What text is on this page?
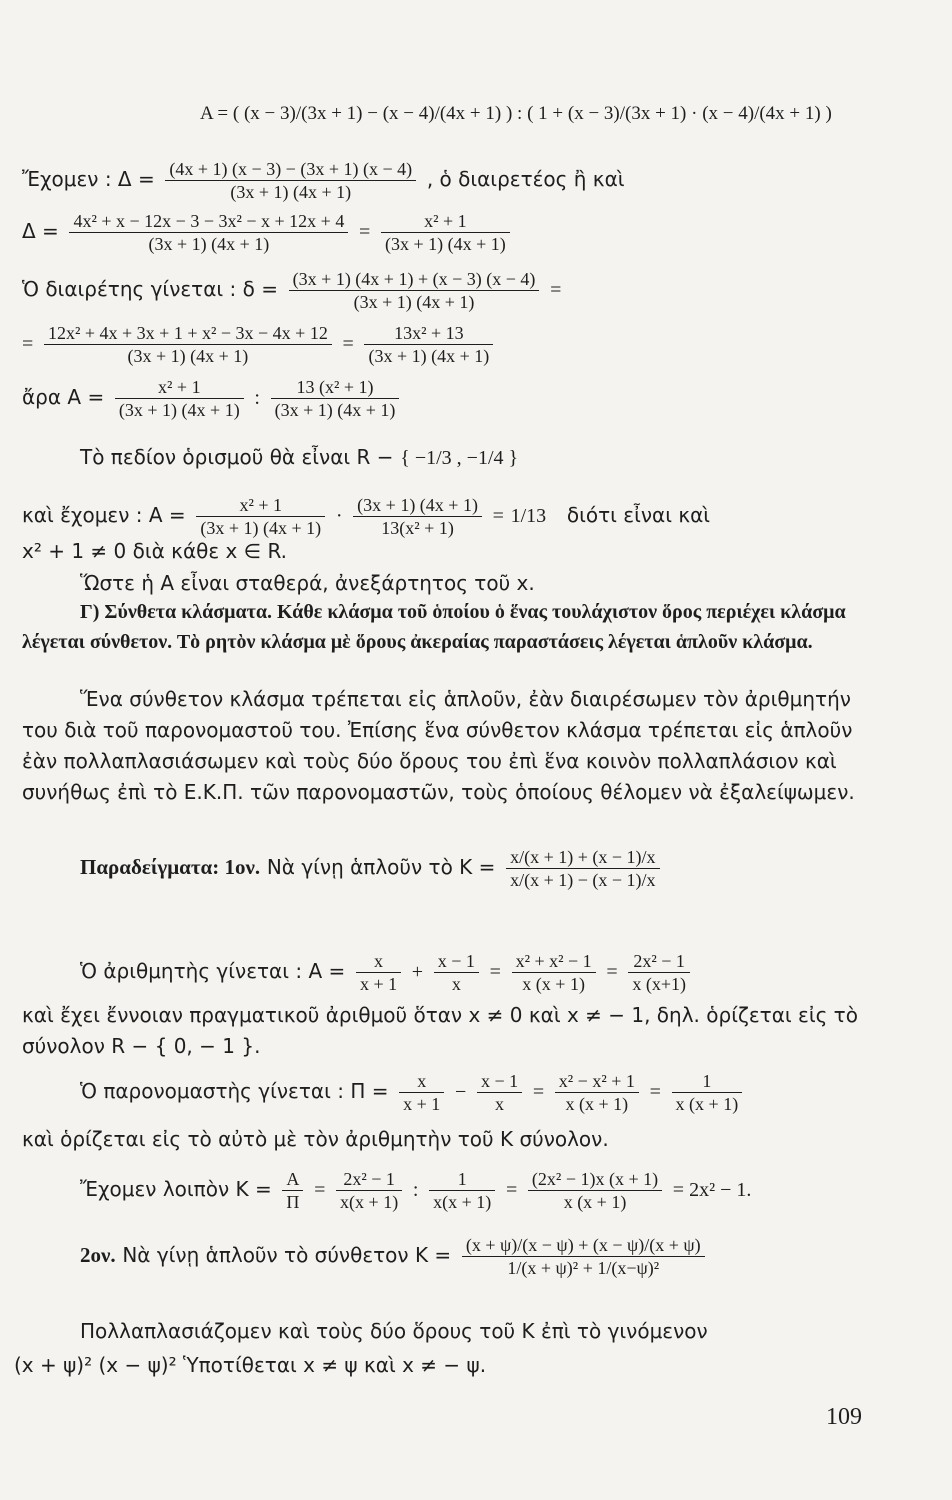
A = ( (x − 3)/(3x + 1) − (x − 4)/(4x + 1) ) : ( 1 + (x − 3)/(3x + 1) · (x − 4)/(4x + 1) )
Ἔχομεν : $\Delta = \frac{(4x + 1) (x - 3) - (3x + 1) (x - 4)}{(3x + 1) (4x + 1)}$ , ὁ διαιρετέος ἢ καὶ
$\Delta = \frac{\text{4x² + x − 12x − 3 − 3x² − x + 12x + 4}}{(3x + 1) (4x + 1)} = \frac{\text{x² + 1}}{(3x + 1) (4x + 1)}$
Ὁ διαιρέτης γίνεται : $\delta = \frac{(3x + 1) (4x + 1) + (x - 3) (x - 4)}{(3x + 1) (4x + 1)}$ =
= $\frac{\text{12x² + 4x + 3x + 1 + x² − 3x − 4x + 12}}{(3x + 1) (4x + 1)} = \frac{\text{13x² + 13}}{(3x + 1) (4x + 1)}$
ἄρα $A = \frac{\text{x² + 1}}{(3x + 1) (4x + 1)}$ : $\frac{\text{13 (x² + 1)}}{(3x + 1) (4x + 1)}$
Τὸ πεδίον ὁρισμοῦ θὰ εἶναι R − { −1/3 , −1/4 }
καὶ ἔχομεν : $A = \frac{\text{x² + 1}}{(3x + 1) (4x + 1)} \cdot \frac{(3x + 1) (4x + 1)}{\text{13(x² + 1)}} = 1/13$ διότι εἶναι καὶ
x² + 1 ≠ 0 διὰ κάθε x ∈ R.
Ὥστε ἡ A εἶναι σταθερά, ἀνεξάρτητος τοῦ x.
Γ) Σύνθετα κλάσματα. Κάθε κλάσμα τοῦ ὁποίου ὁ ἕνας τουλάχιστον ὅρος περιέχει κλάσμα λέγεται σύνθετον. Τὸ ρητὸν κλάσμα μὲ ὅρους ἀκεραίας παραστάσεις λέγεται ἁπλοῦν κλάσμα.
Ἕνα σύνθετον κλάσμα τρέπεται εἰς ἁπλοῦν, ἐὰν διαιρέσωμεν τὸν ἀριθμητήν του διὰ τοῦ παρονομαστοῦ του. Ἐπίσης ἕνα σύνθετον κλάσμα τρέπεται εἰς ἁπλοῦν ἐὰν πολλαπλασιάσωμεν καὶ τοὺς δύο ὅρους του ἐπὶ ἕνα κοινὸν πολλαπλάσιον καὶ συνήθως ἐπὶ τὸ Ε.Κ.Π. τῶν παρονομαστῶν, τοὺς ὁποίους θέλομεν νὰ ἐξαλείψωμεν.
Παραδείγματα: 1ον. Νὰ γίνῃ ἁπλοῦν τὸ $K = \frac{x/(x + 1) + (x - 1)/x}{x/(x + 1) - (x - 1)/x}$
Ὁ ἀριθμητὴς γίνεται : $A = \frac{x}{x + 1} + \frac{x - 1}{x} = \frac{\text{x² + x² − 1}}{x (x + 1)} = \frac{\text{2x² − 1}}{x (x+1)}$
καὶ ἔχει ἔννοιαν πραγματικοῦ ἀριθμοῦ ὅταν x ≠ 0 καὶ x ≠ − 1, δηλ. ὁρίζεται εἰς τὸ σύνολον R − { 0, − 1 }.
Ὁ παρονομαστὴς γίνεται : $\Pi = \frac{x}{x + 1} - \frac{x - 1}{x} = \frac{\text{x² − x² + 1}}{x (x + 1)} = \frac{1}{x (x + 1)}$
καὶ ὁρίζεται εἰς τὸ αὐτὸ μὲ τὸν ἀριθμητὴν τοῦ K σύνολον.
Ἔχομεν λοιπὸν $K = \frac{A}{\Pi} = \frac{\text{2x² − 1}}{x(x + 1)}$ : $\frac{1}{x(x + 1)} = \frac{\text{(2x² − 1)x (x + 1)}}{x (x + 1)} = 2x^2 - 1$.
2ον. Νὰ γίνῃ ἁπλοῦν τὸ σύνθετον $K = \frac{(x + \psi)/(x - \psi) + (x - \psi)/(x + \psi)}{\text{1/(x + ψ)² + 1/(x−ψ)²}}$
Πολλαπλασιάζομεν καὶ τοὺς δύο ὅρους τοῦ K ἐπὶ τὸ γινόμενον
(x + ψ)² (x − ψ)² Ὑποτίθεται x ≠ ψ καὶ x ≠ − ψ.
109
